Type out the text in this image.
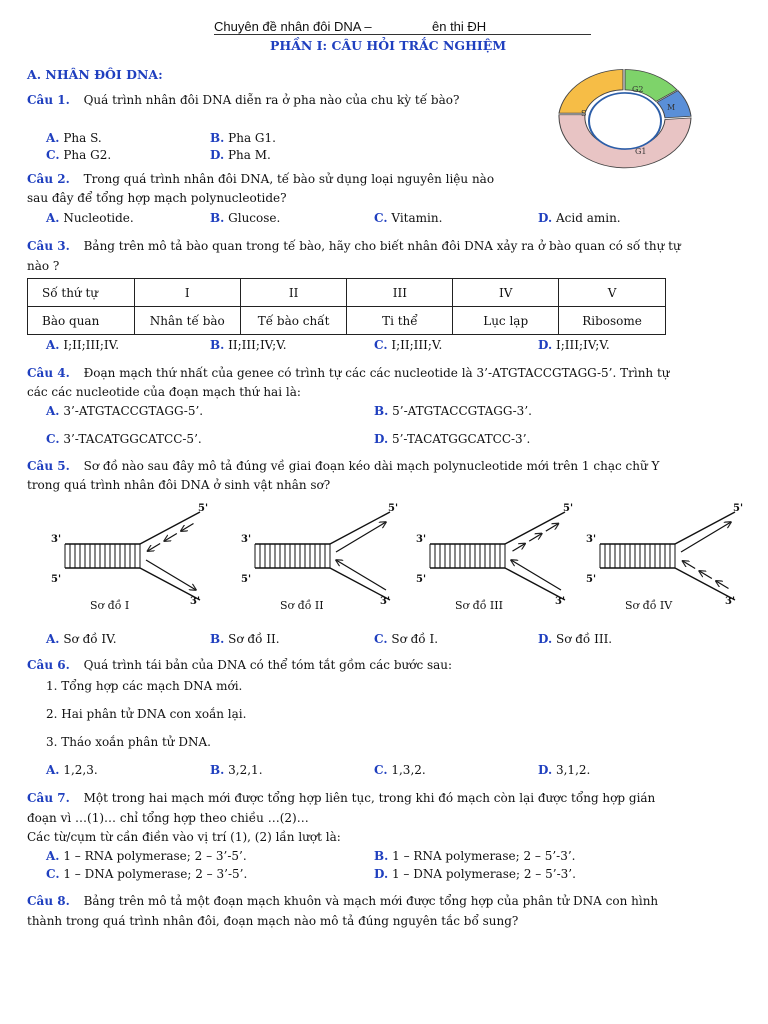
Chuyên đề nhân đôi DNA –	ên thi ĐH
PHẦN I: CÂU HỎI TRẮC NGHIỆM
A. NHÂN ĐÔI DNA:
G2
S
M
G1
Câu 1. Quá trình nhân đôi DNA diễn ra ở pha nào của chu kỳ tế bào?
A. Pha S.	B. Pha G1.
C. Pha G2.	D. Pha M.
Câu 2. Trong quá trình nhân đôi DNA, tế bào sử dụng loại nguyên liệu nào
sau đây để tổng hợp mạch polynucleotide?
A. Nucleotide.	B. Glucose.	C. Vitamin.	D. Acid amin.
Câu 3. Bảng trên mô tả bào quan trong tế bào, hãy cho biết nhân đôi DNA xảy ra ở bào quan có số thự tự
nào ?
Số thứ tự	I	II	III	IV	V
Bào quan	Nhân tế bào	Tế bào chất	Ti thể	Lục lạp	Ribosome
A. I;II;III;IV.	B. II;III;IV;V.	C. I;II;III;V.	D. I;III;IV;V.
Câu 4. Đoạn mạch thứ nhất của genee có trình tự các các nucleotide là 3’-ATGTACCGTAGG-5’. Trình tự
các các nucleotide của đoạn mạch thứ hai là:
A. 3’-ATGTACCGTAGG-5’.	B. 5’-ATGTACCGTAGG-3’.
C. 3’-TACATGGCATCC-5’.	D. 5’-TACATGGCATCC-3’.
Câu 5. Sơ đồ nào sau đây mô tả đúng về giai đoạn kéo dài mạch polynucleotide mới trên 1 chạc chữ Y
trong quá trình nhân đôi DNA ở sinh vật nhân sơ?
3'
5'
5'
3'
Sơ đồ I
3'
5'
5'
3'
Sơ đồ II
3'
5'
5'
3'
Sơ đồ III
3'
5'
5'
3'
Sơ đồ IV
A. Sơ đồ IV.	B. Sơ đồ II.	C. Sơ đồ I.	D. Sơ đồ III.
Câu 6. Quá trình tái bản của DNA có thể tóm tắt gồm các bước sau:
1. Tổng hợp các mạch DNA mới.
2. Hai phân tử DNA con xoắn lại.
3. Tháo xoắn phân tử DNA.
A. 1,2,3.	B. 3,2,1.	C. 1,3,2.	D. 3,1,2.
Câu 7. Một trong hai mạch mới được tổng hợp liên tục, trong khi đó mạch còn lại được tổng hợp gián
đoạn vì …(1)… chỉ tổng hợp theo chiều …(2)…
Các từ/cụm từ cần điền vào vị trí (1), (2) lần lượt là:
A. 1 – RNA polymerase; 2 – 3’-5’.	B. 1 – RNA polymerase; 2 – 5’-3’.
C. 1 – DNA polymerase; 2 – 3’-5’.	D. 1 – DNA polymerase; 2 – 5’-3’.
Câu 8. Bảng trên mô tả một đoạn mạch khuôn và mạch mới được tổng hợp của phân tử DNA con hình
thành trong quá trình nhân đôi, đoạn mạch nào mô tả đúng nguyên tắc bổ sung?
